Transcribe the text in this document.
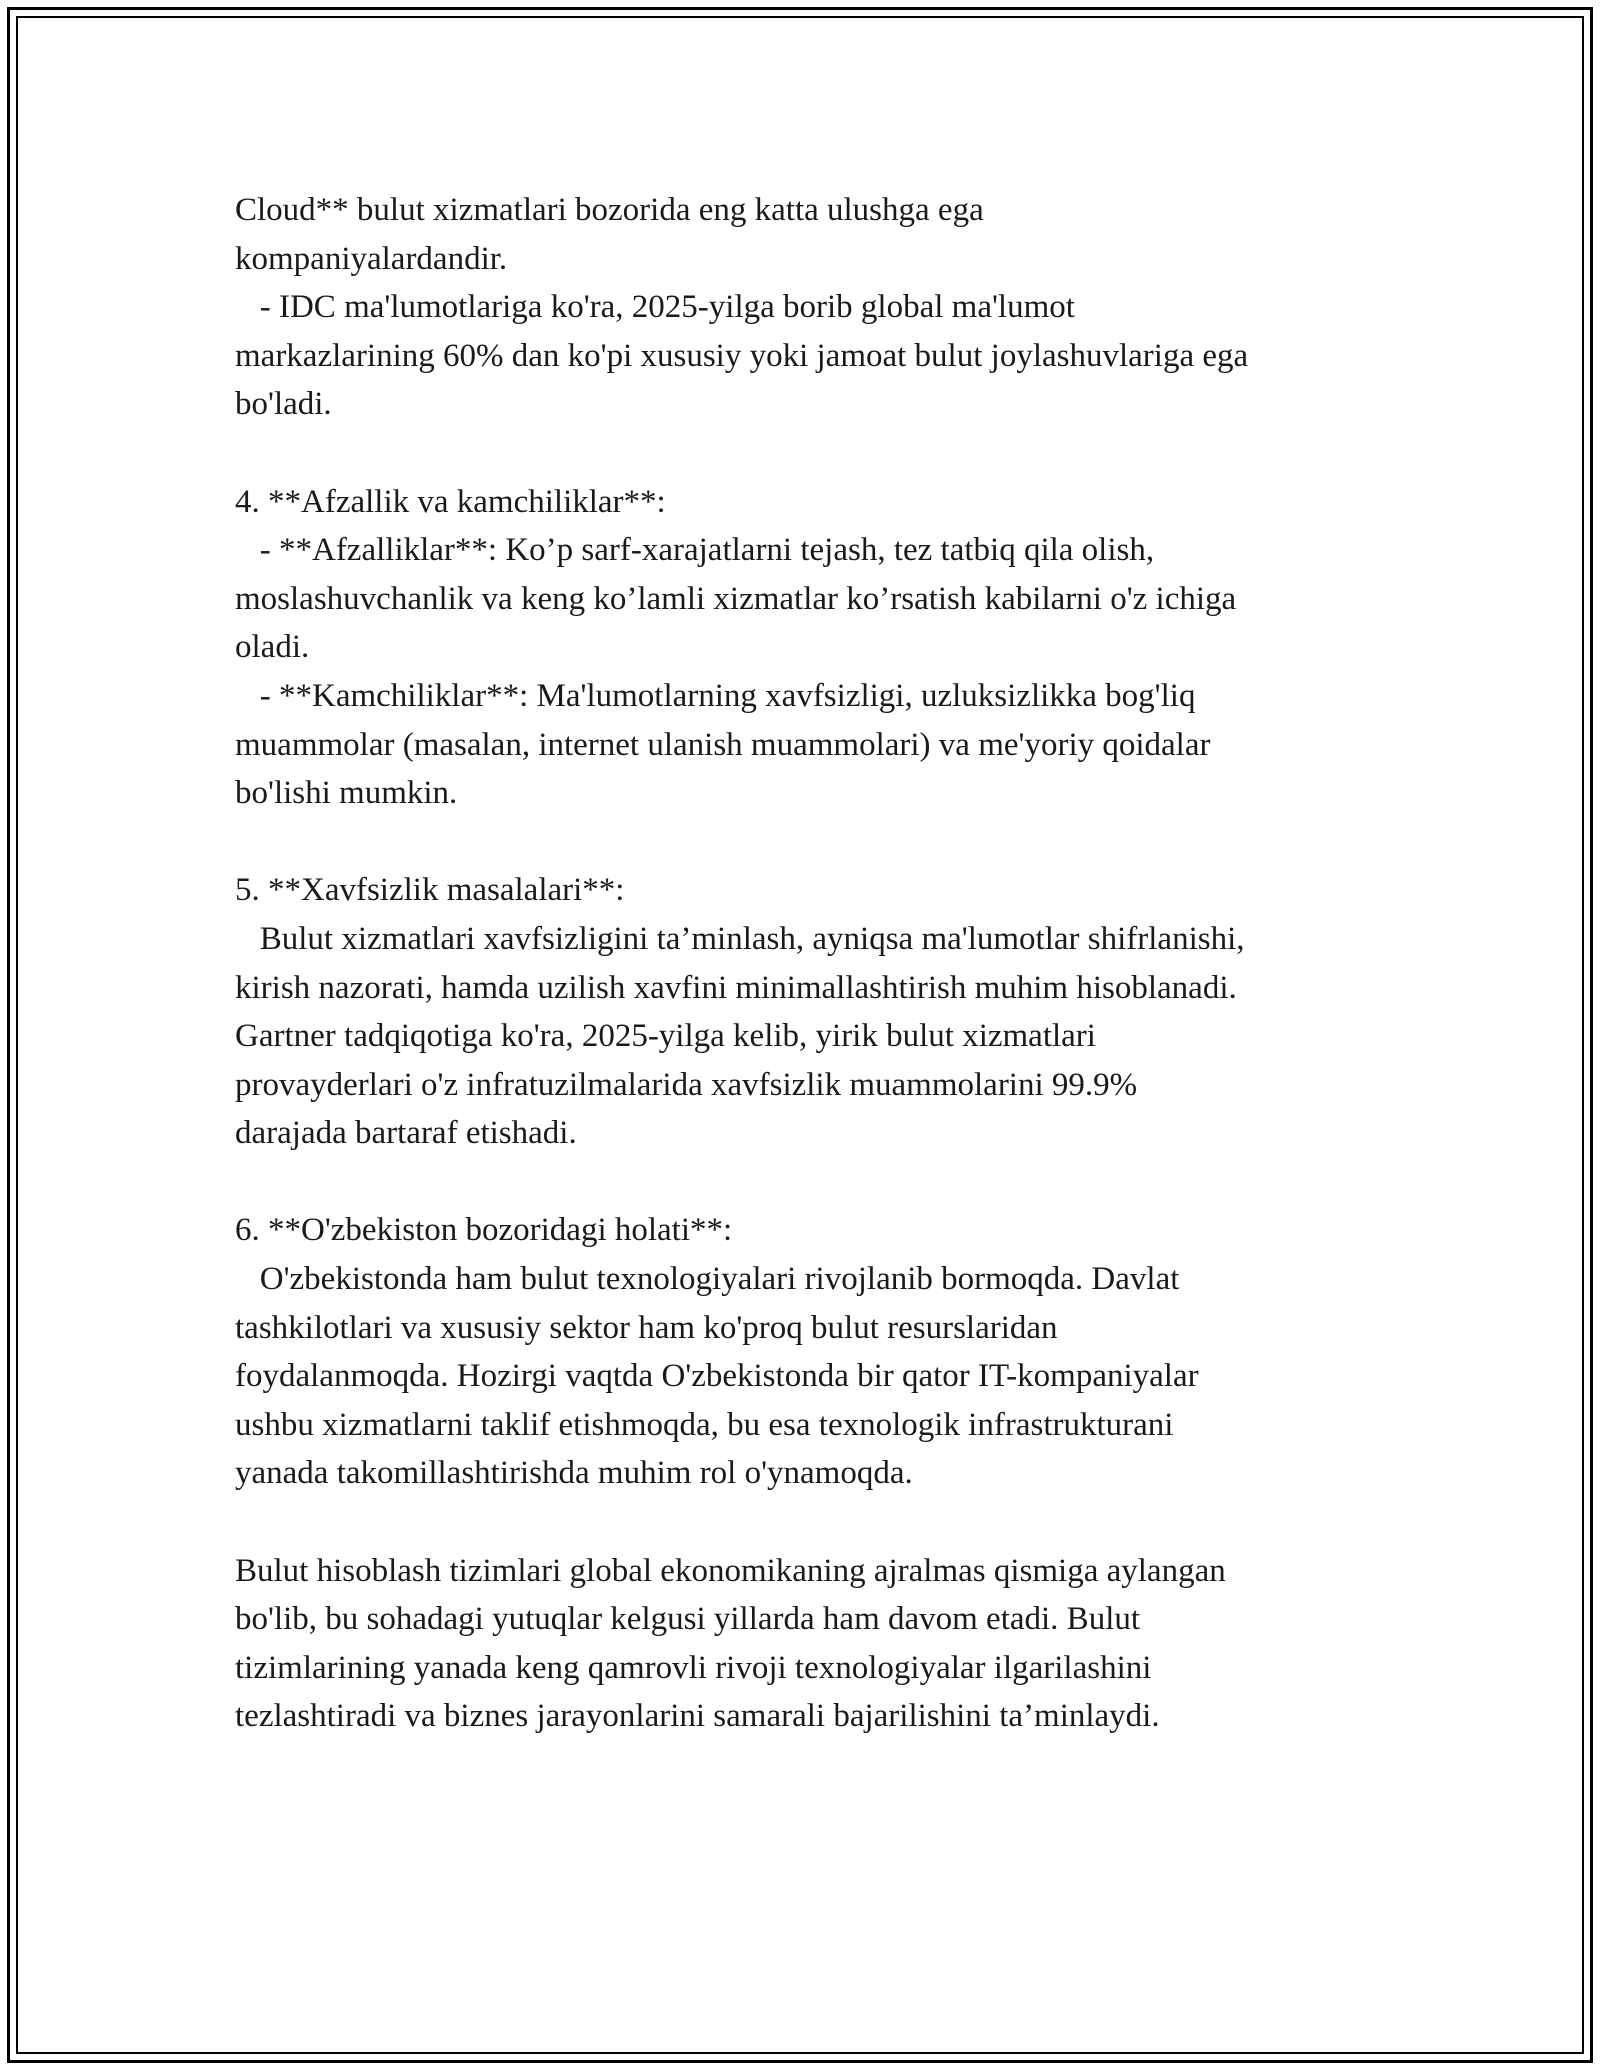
Cloud** bulut xizmatlari bozorida eng katta ulushga ega
kompaniyalardandir.
- IDC ma'lumotlariga ko'ra, 2025-yilga borib global ma'lumot
markazlarining 60% dan ko'pi xususiy yoki jamoat bulut joylashuvlariga ega
bo'ladi.
4. **Afzallik va kamchiliklar**:
- **Afzalliklar**: Ko’p sarf-xarajatlarni tejash, tez tatbiq qila olish,
moslashuvchanlik va keng ko’lamli xizmatlar ko’rsatish kabilarni o'z ichiga
oladi.
- **Kamchiliklar**: Ma'lumotlarning xavfsizligi, uzluksizlikka bog'liq
muammolar (masalan, internet ulanish muammolari) va me'yoriy qoidalar
bo'lishi mumkin.
5. **Xavfsizlik masalalari**:
Bulut xizmatlari xavfsizligini ta’minlash, ayniqsa ma'lumotlar shifrlanishi,
kirish nazorati, hamda uzilish xavfini minimallashtirish muhim hisoblanadi.
Gartner tadqiqotiga ko'ra, 2025-yilga kelib, yirik bulut xizmatlari
provayderlari o'z infratuzilmalarida xavfsizlik muammolarini 99.9%
darajada bartaraf etishadi.
6. **O'zbekiston bozoridagi holati**:
O'zbekistonda ham bulut texnologiyalari rivojlanib bormoqda. Davlat
tashkilotlari va xususiy sektor ham ko'proq bulut resurslaridan
foydalanmoqda. Hozirgi vaqtda O'zbekistonda bir qator IT-kompaniyalar
ushbu xizmatlarni taklif etishmoqda, bu esa texnologik infrastrukturani
yanada takomillashtirishda muhim rol o'ynamoqda.
Bulut hisoblash tizimlari global ekonomikaning ajralmas qismiga aylangan
bo'lib, bu sohadagi yutuqlar kelgusi yillarda ham davom etadi. Bulut
tizimlarining yanada keng qamrovli rivoji texnologiyalar ilgarilashini
tezlashtiradi va biznes jarayonlarini samarali bajarilishini ta’minlaydi.
